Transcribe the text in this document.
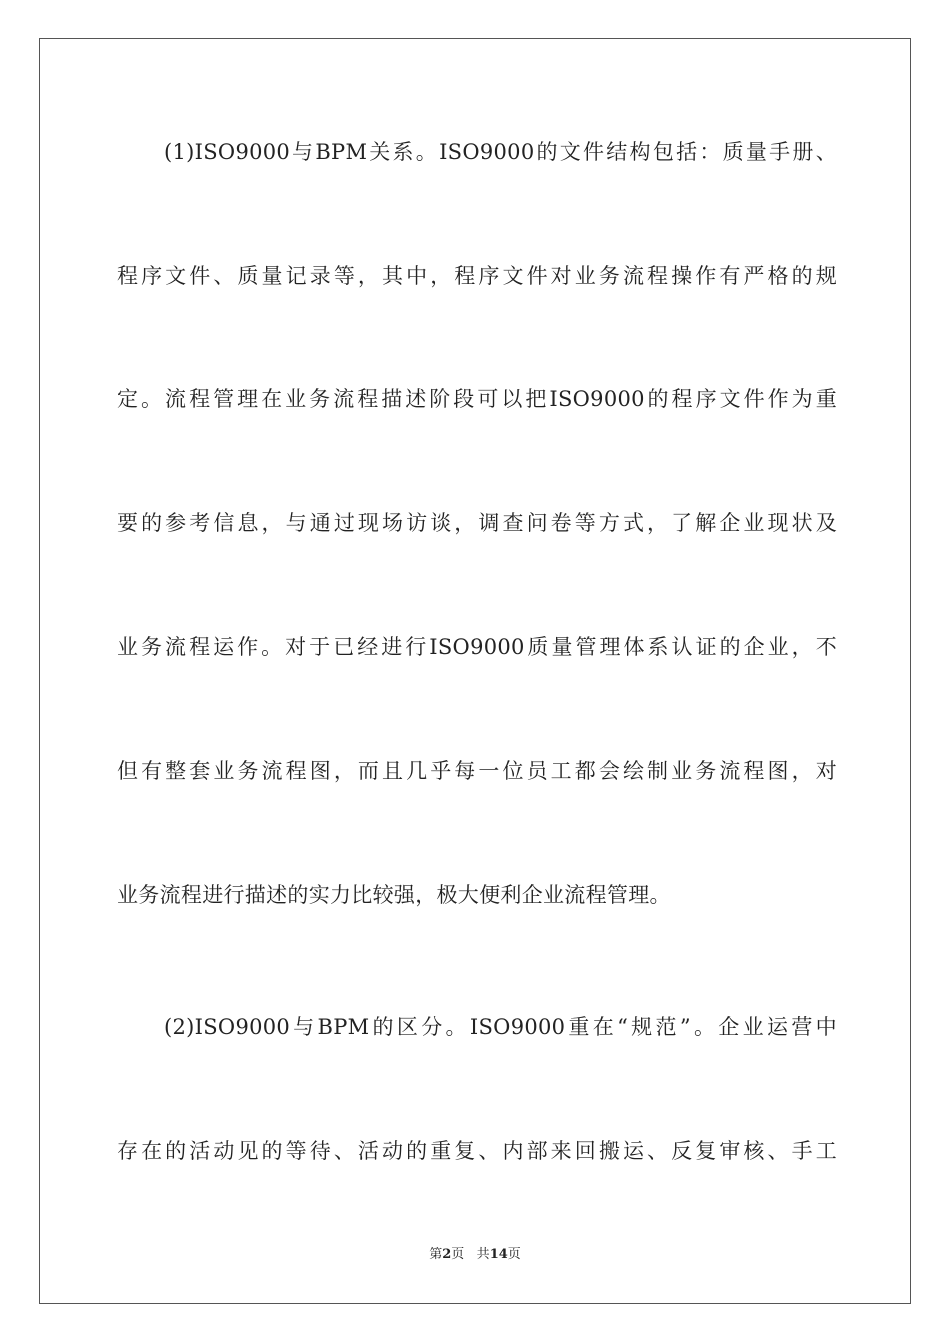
(1)ISO9000与BPM关系。ISO9000的文件结构包括：质量手册、
程序文件、质量记录等，其中，程序文件对业务流程操作有严格的规
定。流程管理在业务流程描述阶段可以把ISO9000的程序文件作为重
要的参考信息，与通过现场访谈，调查问卷等方式，了解企业现状及
业务流程运作。对于已经进行ISO9000质量管理体系认证的企业，不
但有整套业务流程图，而且几乎每一位员工都会绘制业务流程图，对
业务流程进行描述的实力比较强，极大便利企业流程管理。
(2)ISO9000与BPM的区分。ISO9000重在“规范”。企业运营中
存在的活动见的等待、活动的重复、内部来回搬运、反复审核、手工
第2页 共14页
